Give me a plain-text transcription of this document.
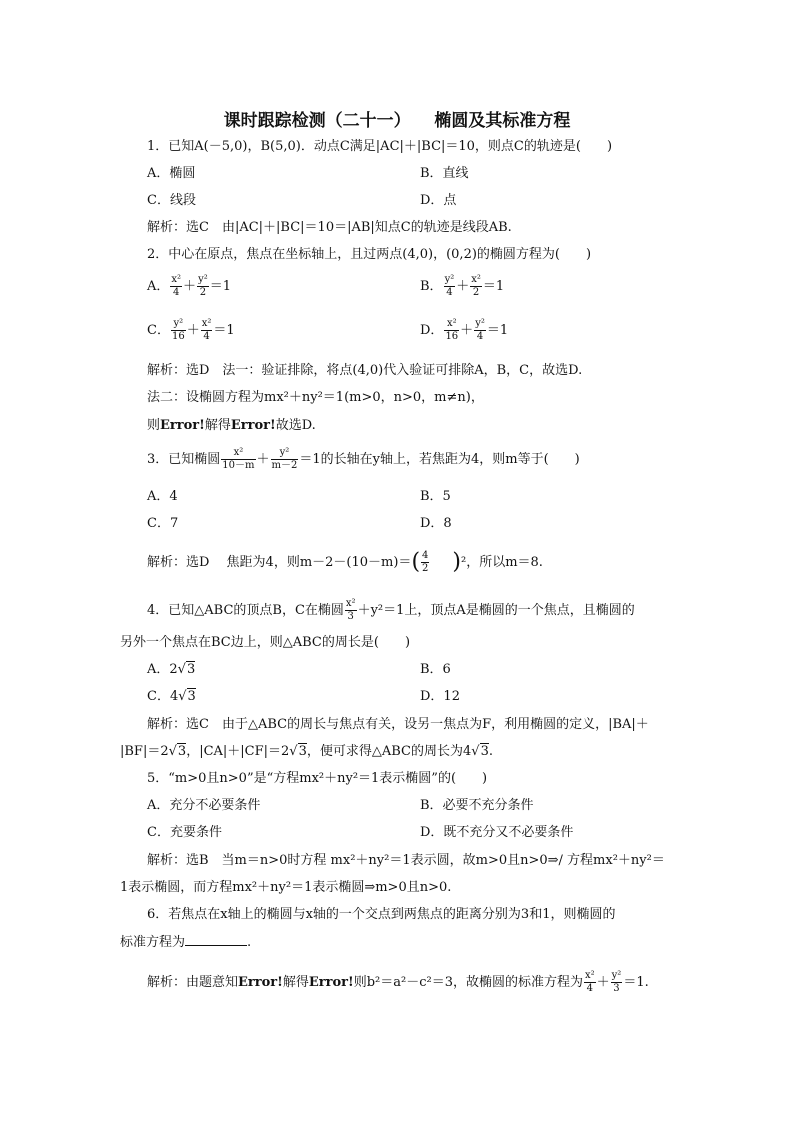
课时跟踪检测（二十一）    椭圆及其标准方程
1．已知A(－5,0)，B(5,0)．动点C满足|AC|＋|BC|＝10，则点C的轨迹是(　　)
A．椭圆	B．直线
C．线段	D．点
解析：选C　由|AC|＋|BC|＝10＝|AB|知点C的轨迹是线段AB.
2．中心在原点，焦点在坐标轴上，且过两点(4,0)，(0,2)的椭圆方程为(　　)
A． $\frac{\text{x²}}{4} + \frac{\text{y²}}{2} =1$	B． $\frac{\text{y²}}{4} + \frac{\text{x²}}{2} =1$
C． $\frac{\text{y²}}{16} + \frac{\text{x²}}{4} =1$	D． $\frac{\text{x²}}{16} + \frac{\text{y²}}{4} =1$
解析：选D　法一：验证排除，将点(4,0)代入验证可排除A，B，C，故选D.
法二：设椭圆方程为mx²＋ny²＝1(m>0，n>0，m≠n)，
则Error!解得Error!故选D.
3．已知椭圆 $\frac{\text{x²}}{10-m} + \frac{\text{y²}}{m-2} =1$的长轴在y轴上，若焦距为4，则m等于(　　)
A．4	B．5
C．7	D．8
解析：选D　 焦距为4，则$m-2-(10-m)=( \frac{4}{2} )^2$，所以m＝8.
4．已知△ABC的顶点B，C在椭圆 $\frac{\text{x²}}{3} +y^2=1$上，顶点A是椭圆的一个焦点，且椭圆的
另外一个焦点在BC边上，则△ABC的周长是(　　)
A．2√3	B．6
C．4√3	D．12
解析：选C　由于△ABC的周长与焦点有关，设另一焦点为F，利用椭圆的定义，|BA|＋
|BF|＝2√3，|CA|＋|CF|＝2√3，便可求得△ABC的周长为4√3.
5．“m>0且n>0”是“方程mx²＋ny²＝1表示椭圆”的(　　)
A．充分不必要条件	B．必要不充分条件
C．充要条件	D．既不充分又不必要条件
解析：选B　当m＝n>0时方程 mx²＋ny²＝1表示圆，故m>0且n>0⇒/ 方程mx²＋ny²＝
1表示椭圆，而方程mx²＋ny²＝1表示椭圆⇒m>0且n>0.
6．若焦点在x轴上的椭圆与x轴的一个交点到两焦点的距离分别为3和1，则椭圆的
标准方程为	.
解析：由题意知Error!解得Error!则b²＝a²－c²＝3，故椭圆的标准方程为 $\frac{\text{x²}}{4} + \frac{\text{y²}}{3} =1$.
